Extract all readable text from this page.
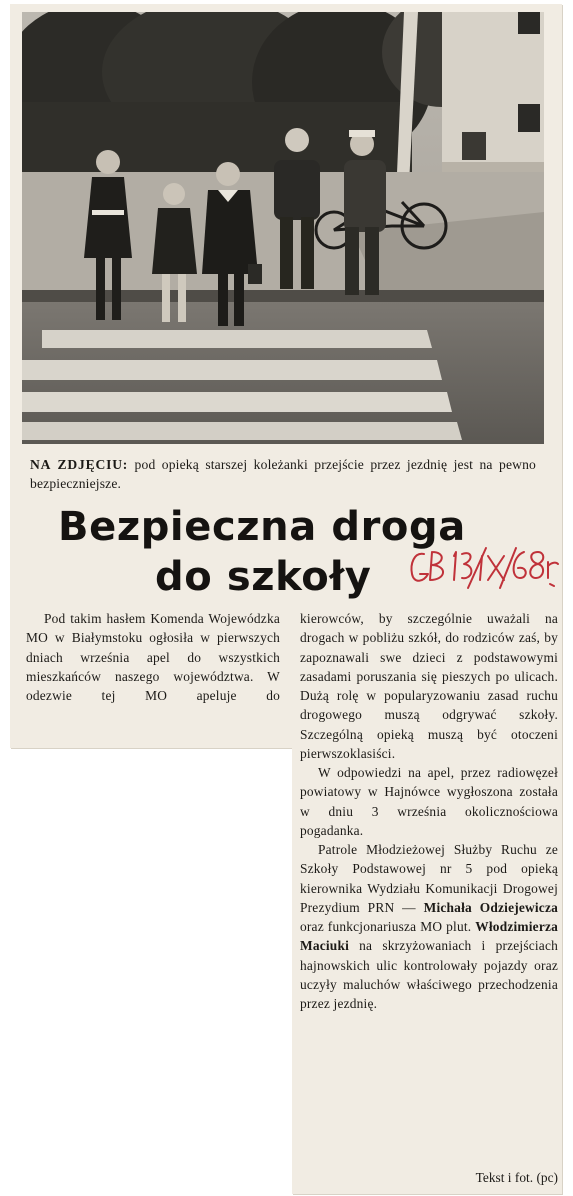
NA ZDJĘCIU: pod opieką starszej koleżanki przejście przez jezdnię jest na pewno bezpieczniejsze.
Bezpieczna droga
do szkoły

Pod takim hasłem Komenda Wojewódzka MO w Białymstoku ogłosiła w pierwszych dniach września apel do wszystkich mieszkańców naszego województwa. W odezwie tej MO apeluje do

kierowców, by szczególnie uważali na drogach w pobliżu szkół, do rodziców zaś, by zapoznawali swe dzieci z podstawowymi zasadami poruszania się pieszych po ulicach. Dużą rolę w popularyzowaniu zasad ruchu drogowego muszą odgrywać szkoły. Szczególną opieką muszą być otoczeni pierwszoklasiści.

W odpowiedzi na apel, przez radiowęzeł powiatowy w Hajnówce wygłoszona została w dniu 3 września okolicznościowa pogadanka.

Patrole Młodzieżowej Służby Ruchu ze Szkoły Podstawowej nr 5 pod opieką kierownika Wydziału Komunikacji Drogowej Prezydium PRN — Michała Odziejewicza oraz funkcjonariusza MO plut. Włodzimierza Maciuki na skrzyżowaniach i przejściach hajnowskich ulic kontrolowały pojazdy oraz uczyły maluchów właściwego przechodzenia przez jezdnię.

Tekst i fot. (pc)
